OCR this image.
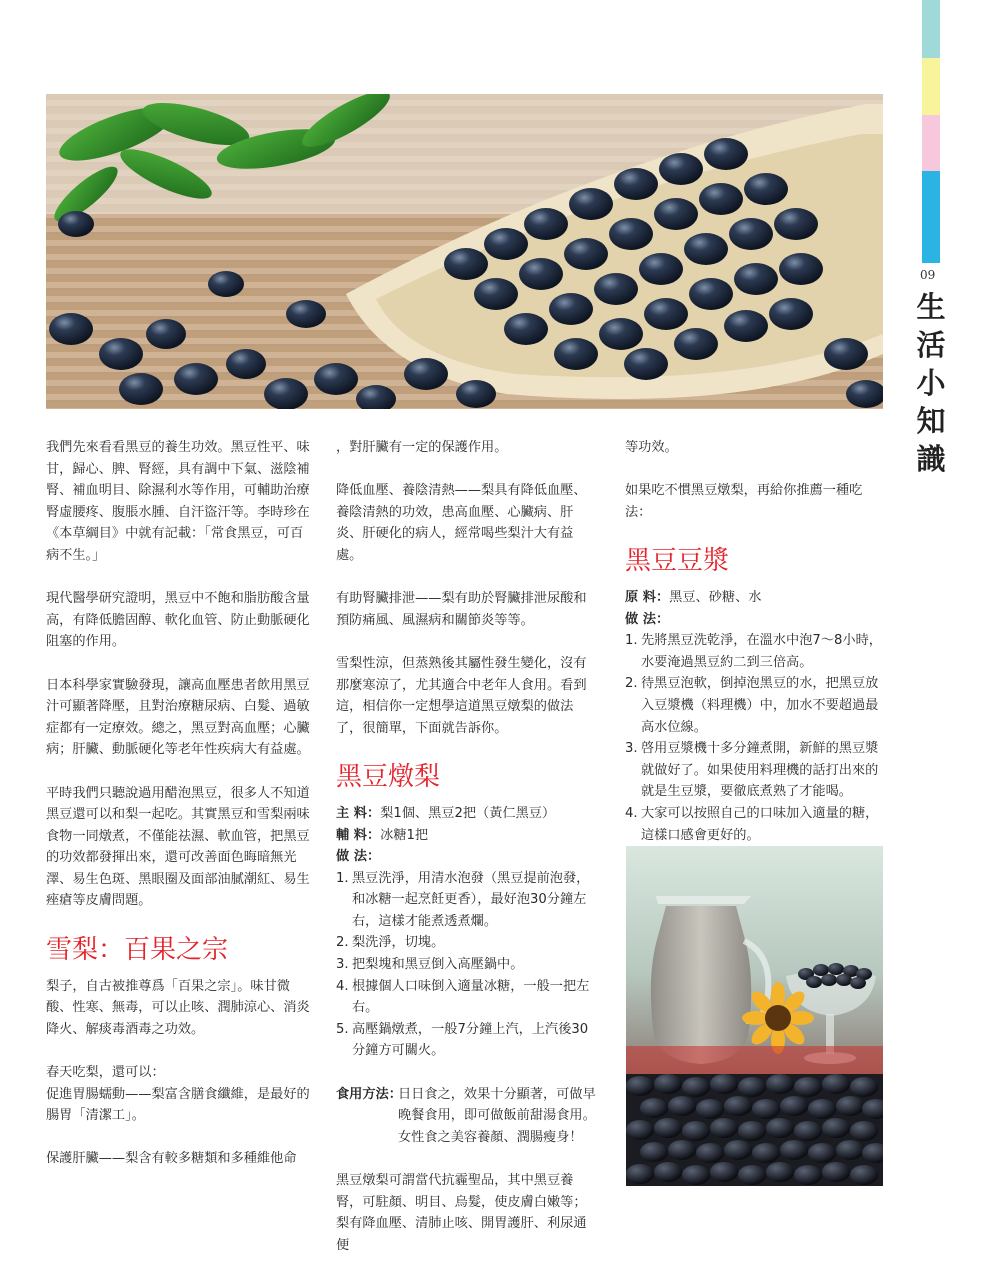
09
生
活
小
知
識
我們先來看看黑豆的養生功效。黑豆性平、味甘，歸心、脾、腎經，具有調中下氣、滋陰補腎、補血明目、除濕利水等作用，可輔助治療腎虛腰疼、腹脹水腫、自汗盜汗等。李時珍在《本草綱目》中就有記載：「常食黑豆，可百病不生。」
現代醫學研究證明，黑豆中不飽和脂肪酸含量高，有降低膽固醇、軟化血管、防止動脈硬化阻塞的作用。
日本科學家實驗發現，讓高血壓患者飲用黑豆汁可顯著降壓，且對治療糖尿病、白髮、過敏症都有一定療效。總之，黑豆對高血壓；心臟病；肝臟、動脈硬化等老年性疾病大有益處。
平時我們只聽說過用醋泡黑豆，很多人不知道黑豆還可以和梨一起吃。其實黑豆和雪梨兩味食物一同燉煮，不僅能祛濕、軟血管，把黑豆的功效都發揮出來，還可改善面色晦暗無光澤、易生色斑、黑眼圈及面部油膩潮紅、易生痤瘡等皮膚問題。
雪梨：百果之宗
梨子，自古被推尊爲「百果之宗」。味甘微酸、性寒、無毒，可以止咳、潤肺涼心、消炎降火、解痰毒酒毒之功效。
春天吃梨，還可以：
促進胃腸蠕動——梨富含膳食纖維，是最好的腸胃「清潔工」。
保護肝臟——梨含有較多糖類和多種維他命
，對肝臟有一定的保護作用。
降低血壓、養陰清熱——梨具有降低血壓、養陰清熱的功效，患高血壓、心臟病、肝炎、肝硬化的病人，經常喝些梨汁大有益處。
有助腎臟排泄——梨有助於腎臟排泄尿酸和預防痛風、風濕病和關節炎等等。
雪梨性涼，但蒸熟後其屬性發生變化，沒有那麼寒涼了，尤其適合中老年人食用。看到這，相信你一定想學這道黑豆燉梨的做法了，很簡單，下面就告訴你。
黑豆燉梨
主 料：梨1個、黑豆2把（黃仁黑豆）
輔 料：冰糖1把
做 法：
1. 黑豆洗淨，用清水泡發（黑豆提前泡發，和冰糖一起烹飪更香），最好泡30分鐘左右，這樣才能煮透煮爛。
2. 梨洗淨，切塊。
3. 把梨塊和黑豆倒入高壓鍋中。
4. 根據個人口味倒入適量冰糖，一般一把左右。
5. 高壓鍋燉煮，一般7分鐘上汽，上汽後30分鐘方可關火。
食用方法：
日日食之，效果十分顯著，可做早晚餐食用，即可做飯前甜湯食用。女性食之美容養顏、潤腸瘦身！
黑豆燉梨可謂當代抗霾聖品，其中黑豆養腎，可駐顏、明目、烏髮，使皮膚白嫩等；梨有降血壓、清肺止咳、開胃護肝、利尿通便
等功效。
如果吃不慣黑豆燉梨，再給你推薦一種吃法：
黑豆豆漿
原 料：黑豆、砂糖、水
做 法：
1. 先將黑豆洗乾淨，在溫水中泡7～8小時，水要淹過黑豆約二到三倍高。
2. 待黑豆泡軟，倒掉泡黑豆的水，把黑豆放入豆漿機（料理機）中，加水不要超過最高水位線。
3. 啓用豆漿機十多分鐘煮開，新鮮的黑豆漿就做好了。如果使用料理機的話打出來的就是生豆漿，要徹底煮熟了才能喝。
4. 大家可以按照自己的口味加入適量的糖，這樣口感會更好的。
